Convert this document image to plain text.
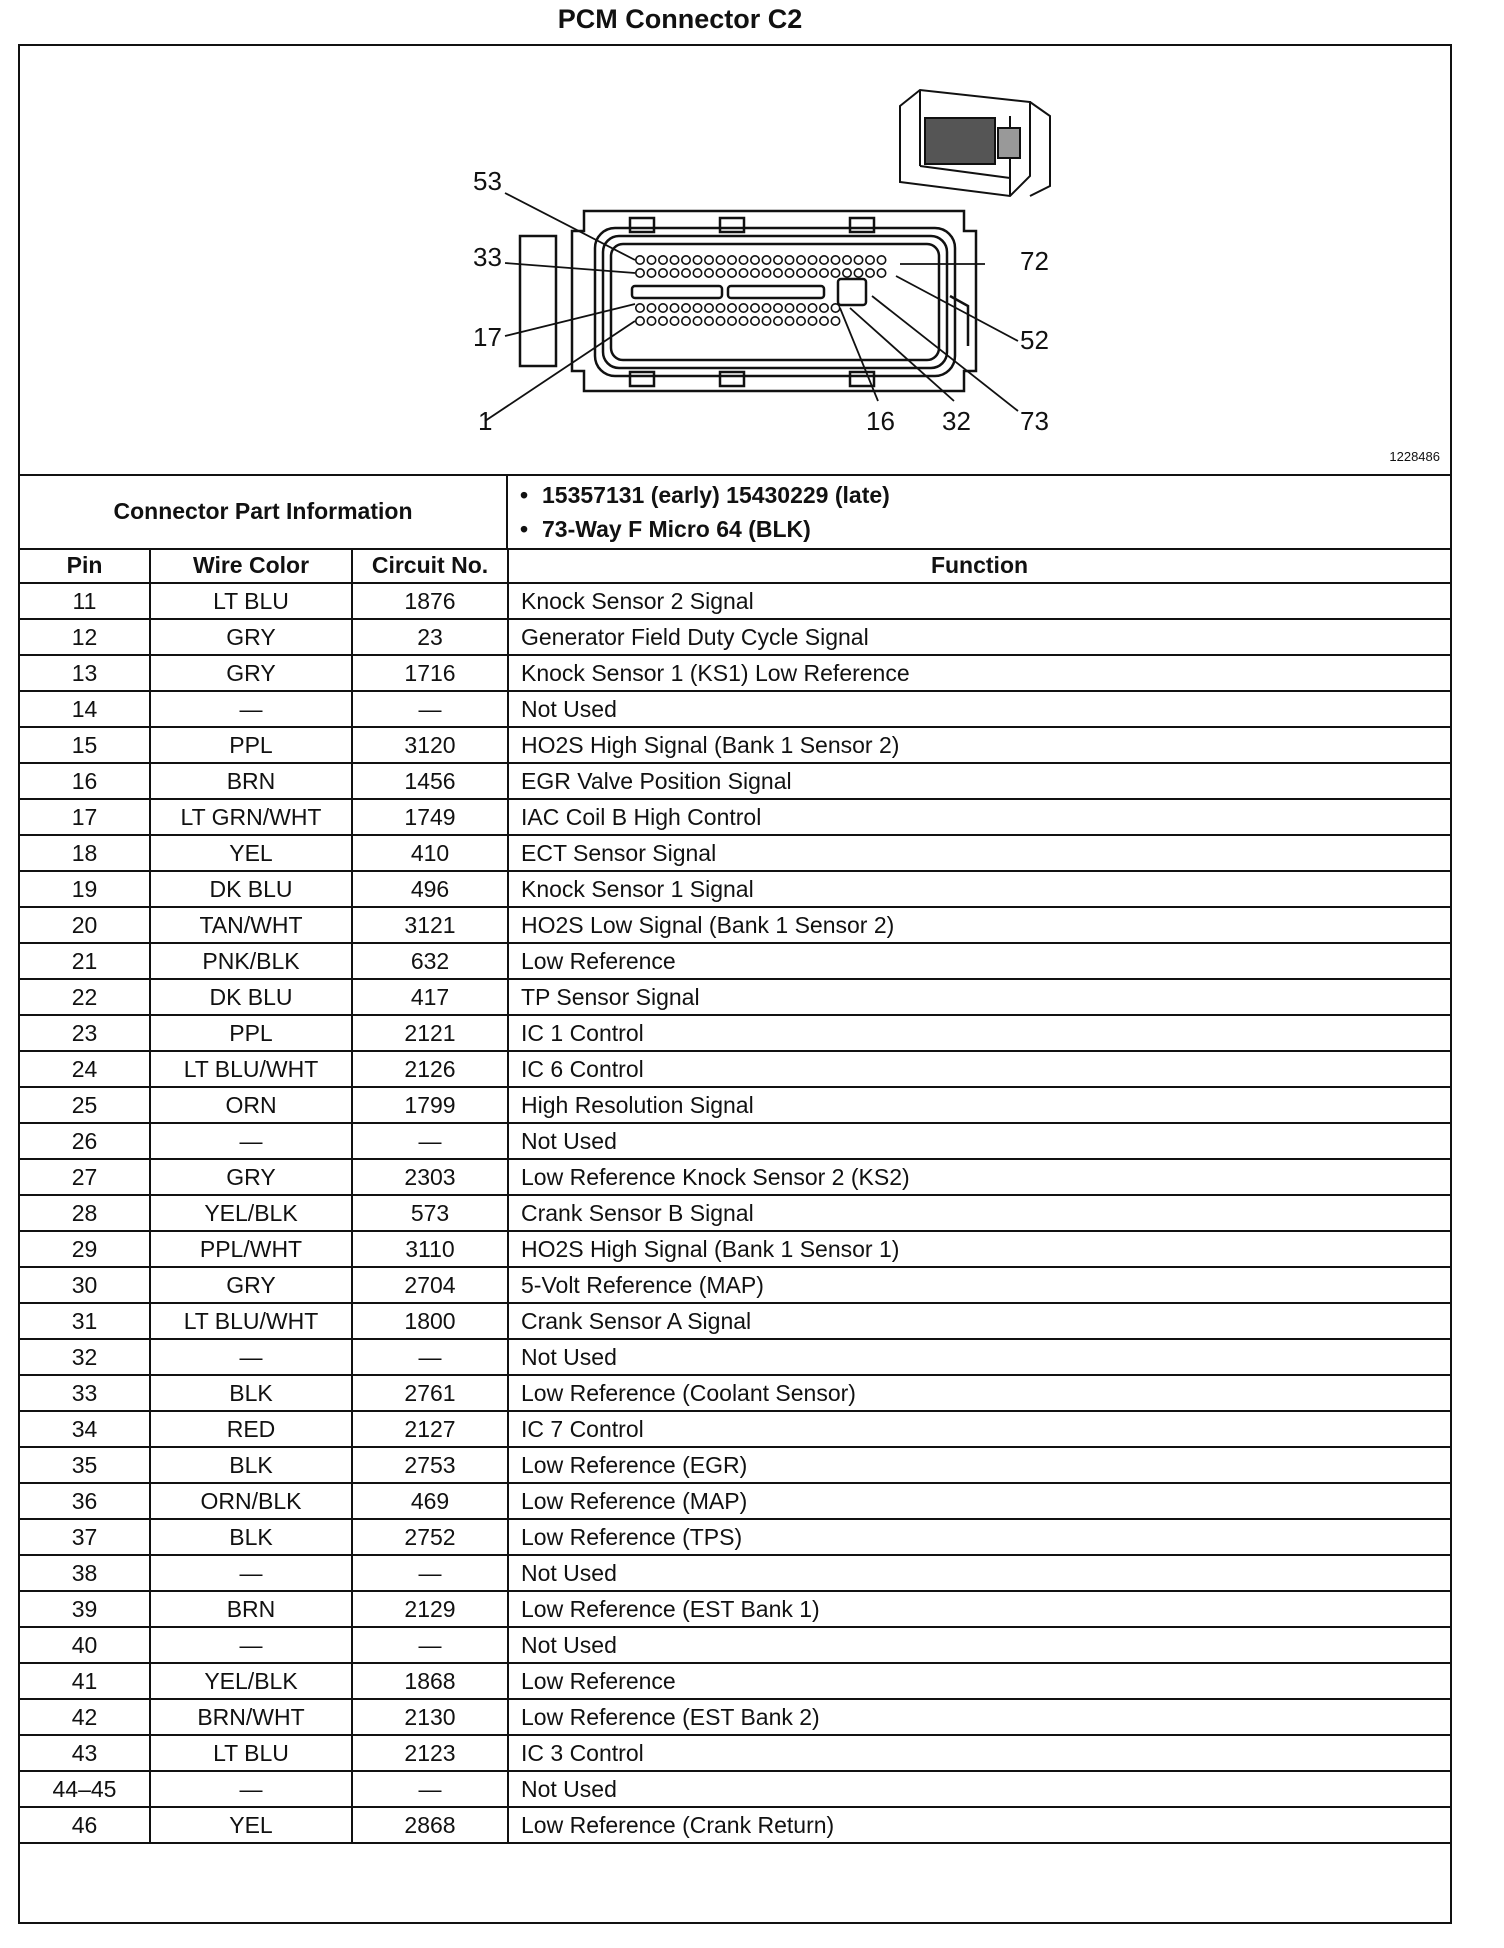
PCM Connector C2
53
33
17
1
72
52
73
16 32
1228486
Connector Part Information
• 15357131 (early) 15430229 (late)
• 73-Way F Micro 64 (BLK)
Pin	Wire Color	Circuit No.	Function
11	LT BLU	1876	Knock Sensor 2 Signal
12	GRY	23	Generator Field Duty Cycle Signal
13	GRY	1716	Knock Sensor 1 (KS1) Low Reference
14	—	—	Not Used
15	PPL	3120	HO2S High Signal (Bank 1 Sensor 2)
16	BRN	1456	EGR Valve Position Signal
17	LT GRN/WHT	1749	IAC Coil B High Control
18	YEL	410	ECT Sensor Signal
19	DK BLU	496	Knock Sensor 1 Signal
20	TAN/WHT	3121	HO2S Low Signal (Bank 1 Sensor 2)
21	PNK/BLK	632	Low Reference
22	DK BLU	417	TP Sensor Signal
23	PPL	2121	IC 1 Control
24	LT BLU/WHT	2126	IC 6 Control
25	ORN	1799	High Resolution Signal
26	—	—	Not Used
27	GRY	2303	Low Reference Knock Sensor 2 (KS2)
28	YEL/BLK	573	Crank Sensor B Signal
29	PPL/WHT	3110	HO2S High Signal (Bank 1 Sensor 1)
30	GRY	2704	5-Volt Reference (MAP)
31	LT BLU/WHT	1800	Crank Sensor A Signal
32	—	—	Not Used
33	BLK	2761	Low Reference (Coolant Sensor)
34	RED	2127	IC 7 Control
35	BLK	2753	Low Reference (EGR)
36	ORN/BLK	469	Low Reference (MAP)
37	BLK	2752	Low Reference (TPS)
38	—	—	Not Used
39	BRN	2129	Low Reference (EST Bank 1)
40	—	—	Not Used
41	YEL/BLK	1868	Low Reference
42	BRN/WHT	2130	Low Reference (EST Bank 2)
43	LT BLU	2123	IC 3 Control
44–45	—	—	Not Used
46	YEL	2868	Low Reference (Crank Return)
